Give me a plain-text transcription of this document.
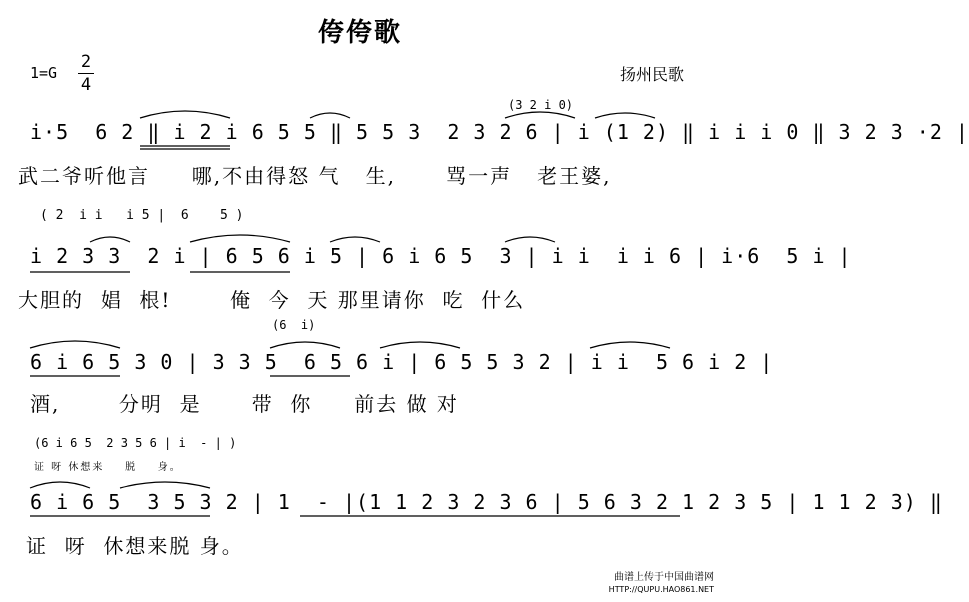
侉侉歌
1=G
2
4
扬州民歌
(3 2 i 0)
i·5  6 2 ‖ i 2 i 6 5 5 ‖ 5 5 3  2 3 2 6 | i (1 2) ‖ i i i 0 ‖ 3 2 3 ·2 |
武二爷听他言     哪,不由得怒 气   生,      骂一声   老王婆,
( 2  i i   i 5 |  6    5 )
i 2 3 3  2 i | 6 5 6 i 5 | 6 i 6 5  3 | i i  i i 6 | i·6  5 i |
大胆的  娼  根!       俺  今  天 那里请你  吃  什么
(6  i)
6 i 6 5 3 0 | 3 3 5  6 5 6 i | 6 5 5 3 2 | i i  5 6 i 2 |
酒,       分明  是      带  你     前去 做 对
(6 i 6 5  2 3 5 6 | i  - | )
证 呀 休想来    脱    身。
6 i 6 5  3 5 3 2 | 1  - |(1 1 2 3 2 3 6 | 5 6 3 2 1 2 3 5 | 1 1 2 3) ‖
证  呀  休想来脱 身。
曲谱上传于中国曲谱网
HTTP://QUPU.HAO861.NET
